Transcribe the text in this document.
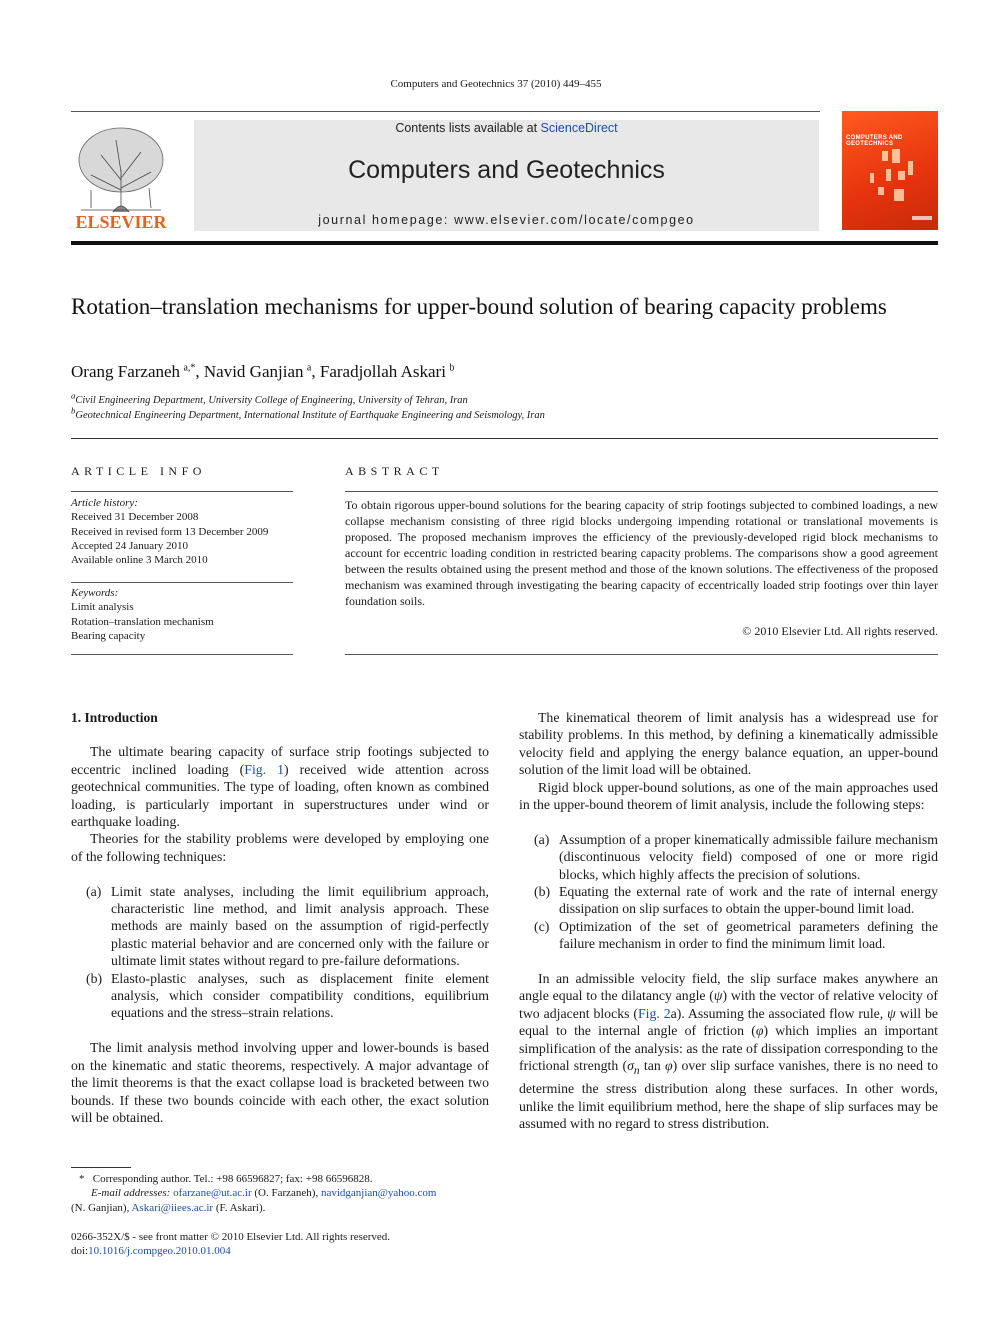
Computers and Geotechnics 37 (2010) 449–455
ELSEVIER
Contents lists available at ScienceDirect
Computers and Geotechnics
journal homepage: www.elsevier.com/locate/compgeo
COMPUTERS AND GEOTECHNICS
Rotation–translation mechanisms for upper-bound solution of bearing capacity problems
Orang Farzaneh  $^{a,*}$, Navid Ganjian  $^a$, Faradjollah Askari  $^b$
$^a$Civil Engineering Department, University College of Engineering, University of Tehran, Iran
$^b$Geotechnical Engineering Department, International Institute of Earthquake Engineering and Seismology, Iran
ARTICLE INFO
Article history:
Received 31 December 2008
Received in revised form 13 December 2009
Accepted 24 January 2010
Available online 3 March 2010
Keywords:
Limit analysis
Rotation–translation mechanism
Bearing capacity
ABSTRACT
To obtain rigorous upper-bound solutions for the bearing capacity of strip footings subjected to combined loadings, a new collapse mechanism consisting of three rigid blocks undergoing impending rotational or translational movements is proposed. The proposed mechanism improves the efficiency of the previously-developed rigid block mechanisms to account for eccentric loading condition in restricted bearing capacity problems. The comparisons show a good agreement between the results obtained using the present method and those of the known solutions. The effectiveness of the proposed mechanism was examined through investigating the bearing capacity of eccentrically loaded strip footings over thin layer foundation soils.
© 2010 Elsevier Ltd. All rights reserved.
1. Introduction

The ultimate bearing capacity of surface strip footings subjected to eccentric inclined loading (Fig. 1) received wide attention across geotechnical communities. The type of loading, often known as combined loading, is particularly important in superstructures under wind or earthquake loading.

Theories for the stability problems were developed by employing one of the following techniques:

(a) Limit state analyses, including the limit equilibrium approach, characteristic line method, and limit analysis approach. These methods are mainly based on the assumption of rigid-perfectly plastic material behavior and are concerned only with the failure or ultimate limit states without regard to pre-failure deformations.
(b) Elasto-plastic analyses, such as displacement finite element analysis, which consider compatibility conditions, equilibrium equations and the stress–strain relations.

The limit analysis method involving upper and lower-bounds is based on the kinematic and static theorems, respectively. A major advantage of the limit theorems is that the exact collapse load is bracketed between two bounds. If these two bounds coincide with each other, the exact solution will be obtained.

The kinematical theorem of limit analysis has a widespread use for stability problems. In this method, by defining a kinematically admissible velocity field and applying the energy balance equation, an upper-bound solution of the limit load will be obtained.

Rigid block upper-bound solutions, as one of the main approaches used in the upper-bound theorem of limit analysis, include the following steps:

(a) Assumption of a proper kinematically admissible failure mechanism (discontinuous velocity field) composed of one or more rigid blocks, which highly affects the precision of solutions.
(b) Equating the external rate of work and the rate of internal energy dissipation on slip surfaces to obtain the upper-bound limit load.
(c) Optimization of the set of geometrical parameters defining the failure mechanism in order to find the minimum limit load.

In an admissible velocity field, the slip surface makes anywhere an angle equal to the dilatancy angle (ψ) with the vector of relative velocity of two adjacent blocks (Fig. 2a). Assuming the associated flow rule, ψ will be equal to the internal angle of friction (φ) which implies an important simplification of the analysis: as the rate of dissipation corresponding to the frictional strength ($\sigma_n$ tan φ) over slip surface vanishes, there is no need to determine the stress distribution along these surfaces. In other words, unlike the limit equilibrium method, here the shape of slip surfaces may be assumed with no regard to stress distribution.

* Corresponding author. Tel.: +98 66596827; fax: +98 66596828.
E-mail addresses: ofarzane@ut.ac.ir (O. Farzaneh), navidganjian@yahoo.com
(N. Ganjian), Askari@iiees.ac.ir (F. Askari).
0266-352X/$ - see front matter © 2010 Elsevier Ltd. All rights reserved.
doi:10.1016/j.compgeo.2010.01.004
